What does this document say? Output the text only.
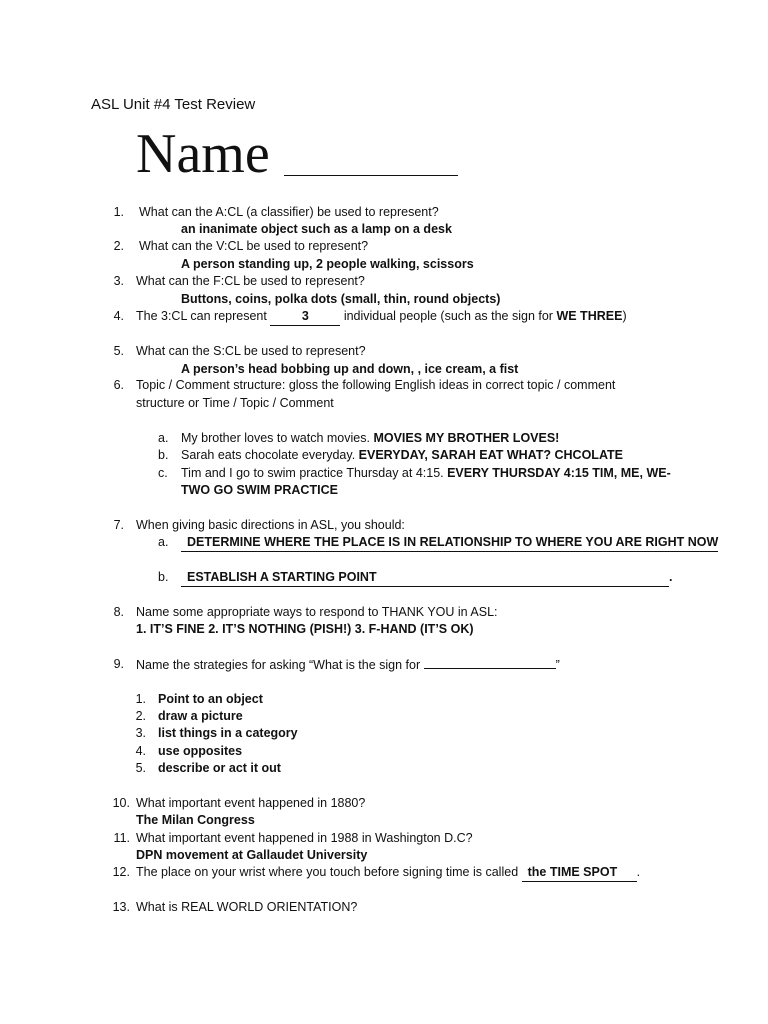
ASL Unit #4 Test Review
Name
1. What can the A:CL (a classifier) be used to represent?
an inanimate object such as a lamp on a desk
2. What can the V:CL be used to represent?
A person standing up, 2 people walking, scissors
3. What can the F:CL be used to represent?
Buttons, coins, polka dots (small, thin, round objects)
4. The 3:CL can represent	3	individual people (such as the sign for WE THREE)
5. What can the S:CL be used to represent?
A person’s head bobbing up and down, , ice cream, a fist
6. Topic / Comment structure: gloss the following English ideas in correct topic / comment
structure or Time / Topic / Comment
a. My brother loves to watch movies. MOVIES MY BROTHER LOVES!
b. Sarah eats chocolate everyday. EVERYDAY, SARAH EAT WHAT? CHCOLATE
c. Tim and I go to swim practice Thursday at 4:15. EVERY THURSDAY 4:15 TIM, ME, WE-
TWO GO SWIM PRACTICE
7. When giving basic directions in ASL, you should:
a.	DETERMINE WHERE THE PLACE IS IN RELATIONSHIP TO WHERE YOU ARE RIGHT NOW
b.	ESTABLISH A STARTING POINT	.
8. Name some appropriate ways to respond to THANK YOU in ASL:
1. IT’S FINE 2. IT’S NOTHING (PISH!) 3. F-HAND (IT’S OK)
9. Name the strategies for asking “What is the sign for	”
1. Point to an object
2. draw a picture
3. list things in a category
4. use opposites
5. describe or act it out
10. What important event happened in 1880?
The Milan Congress
11. What important event happened in 1988 in Washington D.C?
DPN movement at Gallaudet University
12. The place on your wrist where you touch before signing time is called the TIME SPOT .
13. What is REAL WORLD ORIENTATION?
